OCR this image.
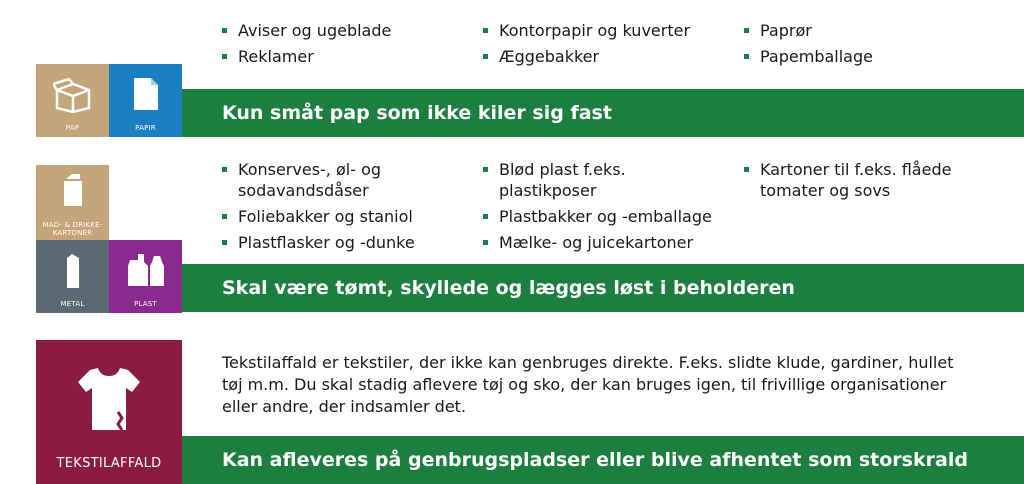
Aviser og ugeblade
Reklamer
Kontorpapir og kuverter
Æggebakker
Paprør
Papemballage
PAP	PAPIR
Kun småt pap som ikke kiler sig fast
Konserves-, øl- og sodavandsdåser
Foliebakker og staniol
Plastflasker og -dunke
Blød plast f.eks. plastikposer
Plastbakker og -emballage
Mælke- og juicekartoner
Kartoner til f.eks. flåede tomater og sovs
MAD- & DRIKKE-KARTONER
METAL	PLAST
Skal være tømt, skyllede og lægges løst i beholderen
Tekstilaffald er tekstiler, der ikke kan genbruges direkte. F.eks. slidte klude, gardiner, hullet tøj m.m. Du skal stadig aflevere tøj og sko, der kan bruges igen, til frivillige organisationer eller andre, der indsamler det.
TEKSTILAFFALD	Kan afleveres på genbrugspladser eller blive afhentet som storskrald
